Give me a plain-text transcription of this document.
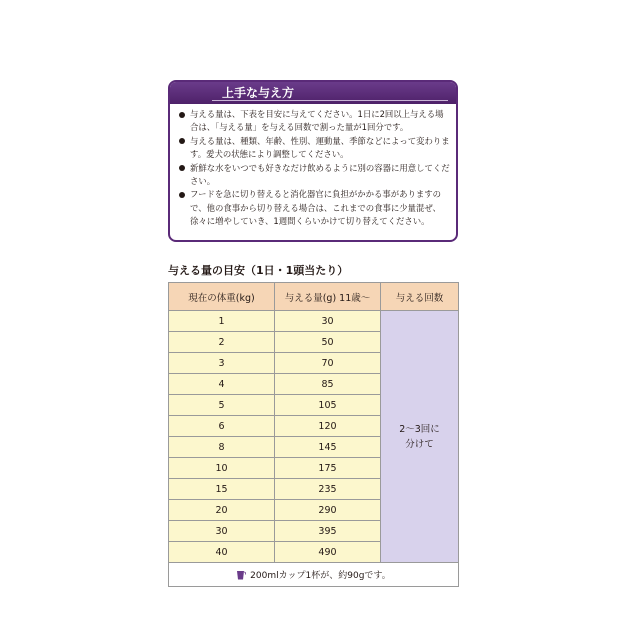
上手な与え方
与える量は、下表を目安に与えてください。1日に2回以上与える場合は、「与える量」を与える回数で割った量が1回分です。
与える量は、種類、年齢、性別、運動量、季節などによって変わります。愛犬の状態により調整してください。
新鮮な水をいつでも好きなだけ飲めるように別の容器に用意してください。
フードを急に切り替えると消化器官に負担がかかる事がありますので、他の食事から切り替える場合は、これまでの食事に少量混ぜ、徐々に増やしていき、1週間くらいかけて切り替えてください。
与える量の目安（1日・1頭当たり）
現在の体重(kg)	与える量(g) 11歳～	与える回数
1	30	2～3回に
分けて
2	50	
3	70	
4	85	
5	105	
6	120	
8	145	
10	175	
15	235	
20	290	
30	395	
40	490	
200mlカップ1杯が、約90gです。		
